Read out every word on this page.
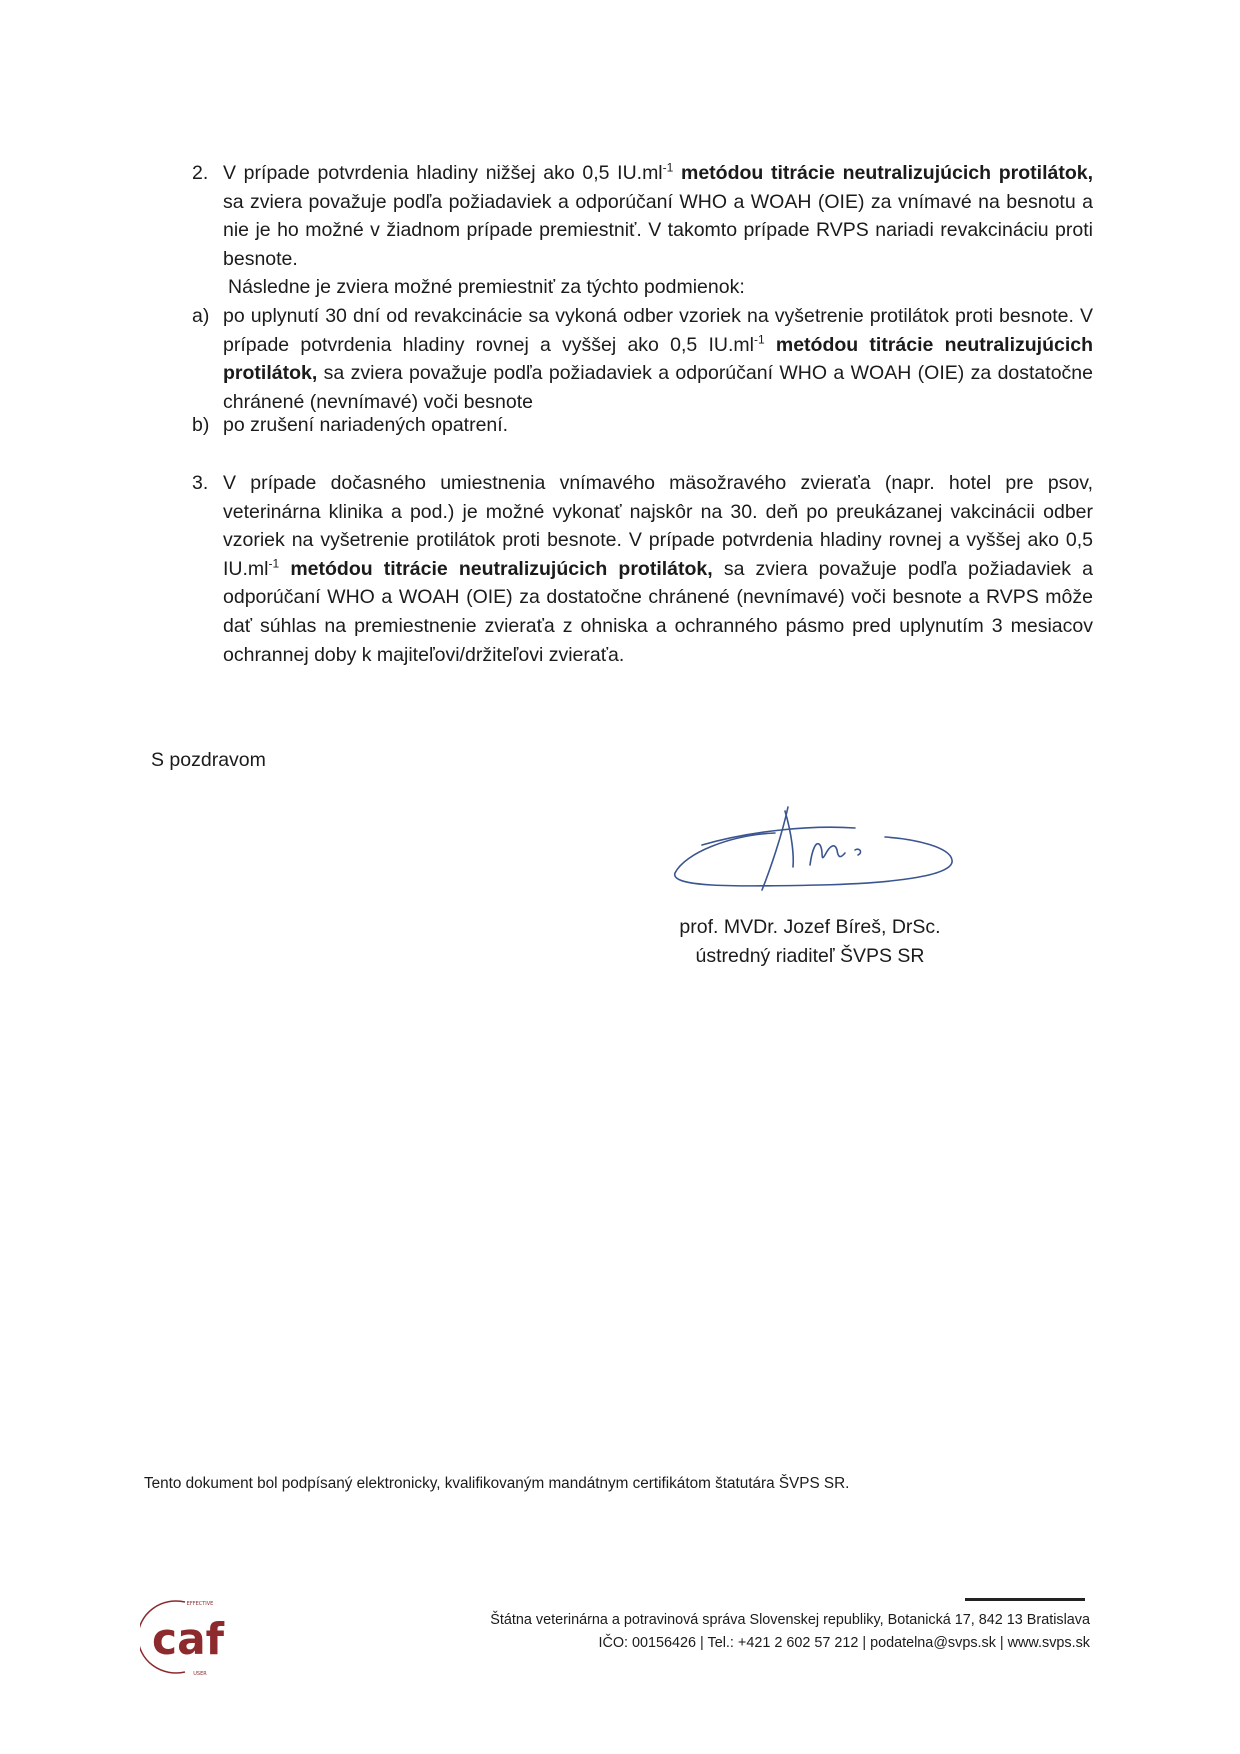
2. V prípade potvrdenia hladiny nižšej ako 0,5 $IU.ml^{-1}$ metódou titrácie neutralizujúcich protilátok, sa zviera považuje podľa požiadaviek a odporúčaní WHO a WOAH (OIE) za vnímavé na besnotu a nie je ho možné v žiadnom prípade premiestniť. V takomto prípade RVPS nariadi revakcináciu proti besnote.

Následne je zviera možné premiestniť za týchto podmienok:

a) po uplynutí 30 dní od revakcinácie sa vykoná odber vzoriek na vyšetrenie protilátok proti besnote. V prípade potvrdenia hladiny rovnej a vyššej ako 0,5 $IU.ml^{-1}$ metódou titrácie neutralizujúcich protilátok, sa zviera považuje podľa požiadaviek a odporúčaní WHO a WOAH (OIE) za dostatočne chránené (nevnímavé) voči besnote

b) po zrušení nariadených opatrení.

3. V prípade dočasného umiestnenia vnímavého mäsožravého zvieraťa (napr. hotel pre psov, veterinárna klinika a pod.) je možné vykonať najskôr na 30. deň po preukázanej vakcinácii odber vzoriek na vyšetrenie protilátok proti besnote. V prípade potvrdenia hladiny rovnej a vyššej ako 0,5 $IU.ml^{-1}$ metódou titrácie neutralizujúcich protilátok, sa zviera považuje podľa požiadaviek a odporúčaní WHO a WOAH (OIE) za dostatočne chránené (nevnímavé) voči besnote a RVPS môže dať súhlas na premiestnenie zvieraťa z ohniska a ochranného pásmo pred uplynutím 3 mesiacov ochrannej doby k majiteľovi/držiteľovi zvieraťa.

S pozdravom
prof. MVDr. Jozef Bíreš, DrSc.
ústredný riaditeľ ŠVPS SR
Tento dokument bol podpísaný elektronicky, kvalifikovaným mandátnym certifikátom štatutára ŠVPS SR.
EFFECTIVE
caf
USER
Štátna veterinárna a potravinová správa Slovenskej republiky, Botanická 17, 842 13 Bratislava
IČO: 00156426 | Tel.: +421 2 602 57 212 | podatelna@svps.sk | www.svps.sk
